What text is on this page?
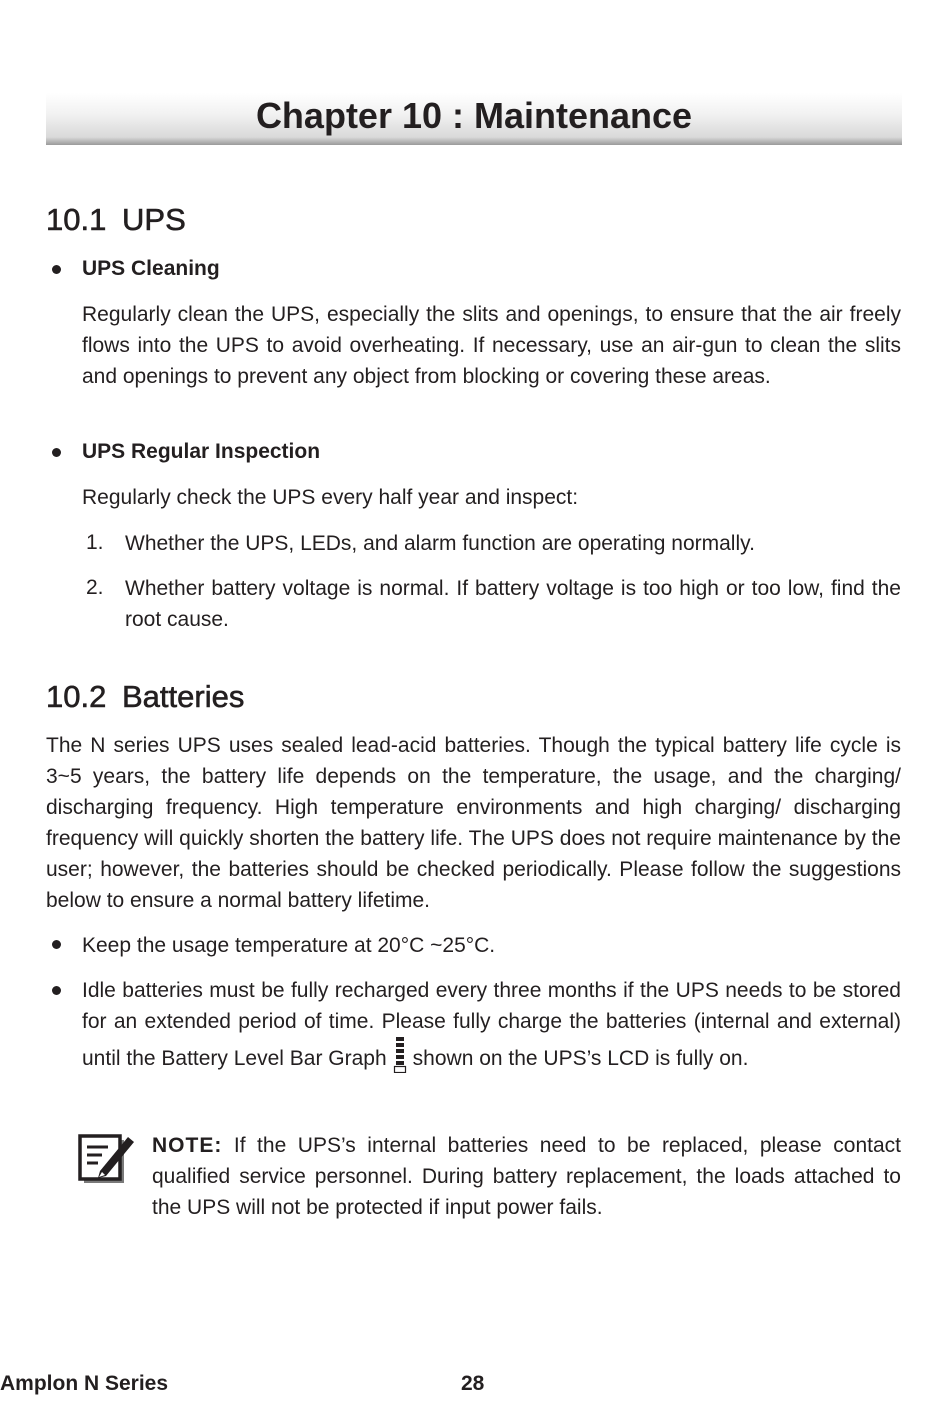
Chapter 10 : Maintenance
10.1 UPS
UPS Cleaning

Regularly clean the UPS, especially the slits and openings, to ensure that the air freely flows into the UPS to avoid overheating. If necessary, use an air-gun to clean the slits and openings to prevent any object from blocking or covering these areas.

UPS Regular Inspection

Regularly check the UPS every half year and inspect:

1. Whether the UPS, LEDs, and alarm function are operating normally.

2. Whether battery voltage is normal. If battery voltage is too high or too low, find the root cause.

10.2 Batteries

The N series UPS uses sealed lead-acid batteries. Though the typical battery life cycle is 3~5 years, the battery life depends on the temperature, the usage, and the charging/ discharging frequency. High temperature environments and high charging/ discharging frequency will quickly shorten the battery life. The UPS does not require maintenance by the user; however, the batteries should be checked periodically. Please follow the suggestions below to ensure a normal battery lifetime.

Keep the usage temperature at 20°C ~25°C.

Idle batteries must be fully recharged every three months if the UPS needs to be stored for an extended period of time. Please fully charge the batteries (internal and external) until the Battery Level Bar Graph shown on the UPS’s LCD is fully on.

NOTE: If the UPS’s internal batteries need to be replaced, please contact qualified service personnel. During battery replacement, the loads attached to the UPS will not be protected if input power fails.

Amplon N Series	28
